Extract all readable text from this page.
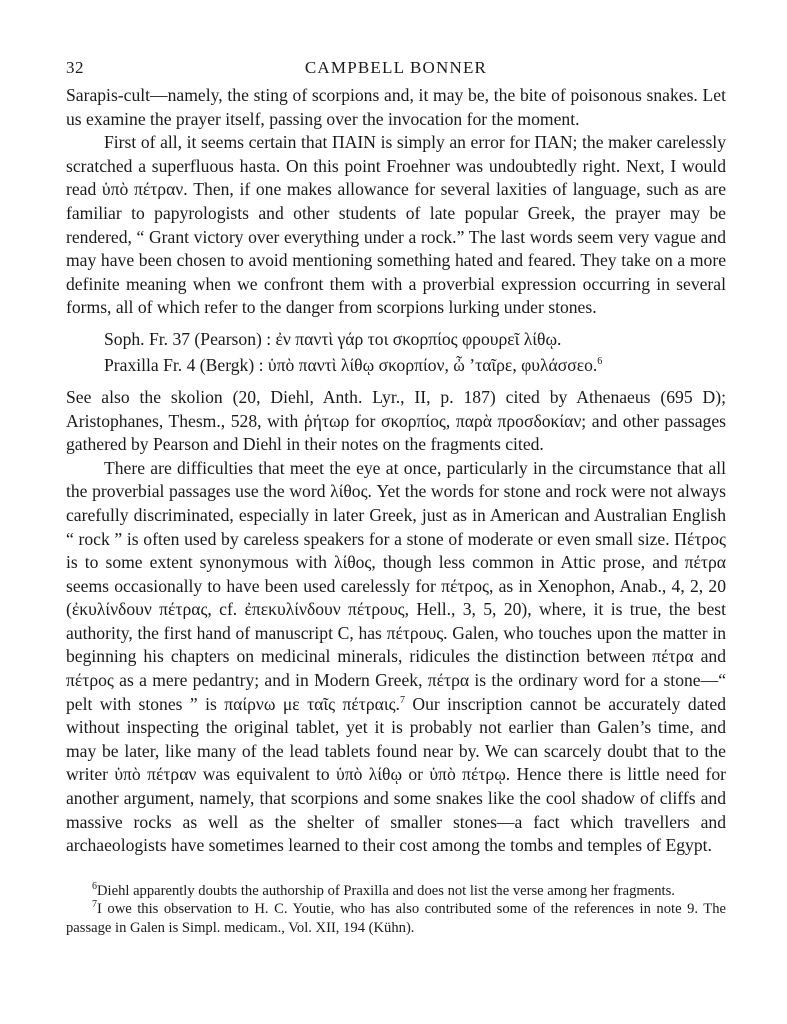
32	CAMPBELL BONNER

Sarapis-cult—namely, the sting of scorpions and, it may be, the bite of poisonous snakes. Let us examine the prayer itself, passing over the invocation for the moment.

First of all, it seems certain that ΠΑΙΝ is simply an error for ΠΑΝ; the maker carelessly scratched a superfluous hasta. On this point Froehner was undoubtedly right. Next, I would read ὑπὸ πέτραν. Then, if one makes allowance for several laxities of language, such as are familiar to papyrologists and other students of late popular Greek, the prayer may be rendered, “ Grant victory over everything under a rock.” The last words seem very vague and may have been chosen to avoid mentioning something hated and feared. They take on a more definite meaning when we confront them with a proverbial expression occurring in several forms, all of which refer to the danger from scorpions lurking under stones.

Soph. Fr. 37 (Pearson) : ἐν παντὶ γάρ τοι σκορπίος φρουρεῖ λίθῳ.
Praxilla Fr. 4 (Bergk) : ὑπὸ παντὶ λίθῳ σκορπίον, ὦ ’ταῖρε, φυλάσσεο.$^6$

See also the skolion (20, Diehl, Anth. Lyr., II, p. 187) cited by Athenaeus (695 D); Aristophanes, Thesm., 528, with ῥήτωρ for σκορπίος, παρὰ προσδοκίαν; and other passages gathered by Pearson and Diehl in their notes on the fragments cited.

There are difficulties that meet the eye at once, particularly in the circumstance that all the proverbial passages use the word λίθος. Yet the words for stone and rock were not always carefully discriminated, especially in later Greek, just as in American and Australian English “ rock ” is often used by careless speakers for a stone of moderate or even small size. Πέτρος is to some extent synonymous with λίθος, though less common in Attic prose, and πέτρα seems occasionally to have been used carelessly for πέτρος, as in Xenophon, Anab., 4, 2, 20 (ἐκυλίνδουν πέτρας, cf. ἐπεκυλίνδουν πέτρους, Hell., 3, 5, 20), where, it is true, the best authority, the first hand of manuscript C, has πέτρους. Galen, who touches upon the matter in beginning his chapters on medicinal minerals, ridicules the distinction between πέτρα and πέτρος as a mere pedantry; and in Modern Greek, πέτρα is the ordinary word for a stone—“ pelt with stones ” is παίρνω με ταῖς πέτραις.$^7$ Our inscription cannot be accurately dated without inspecting the original tablet, yet it is probably not earlier than Galen’s time, and may be later, like many of the lead tablets found near by. We can scarcely doubt that to the writer ὑπὸ πέτραν was equivalent to ὑπὸ λίθῳ or ὑπὸ πέτρῳ. Hence there is little need for another argument, namely, that scorpions and some snakes like the cool shadow of cliffs and massive rocks as well as the shelter of smaller stones—a fact which travellers and archaeologists have sometimes learned to their cost among the tombs and temples of Egypt.

$^6$Diehl apparently doubts the authorship of Praxilla and does not list the verse among her fragments.

$^7$I owe this observation to H. C. Youtie, who has also contributed some of the references in note 9. The passage in Galen is Simpl. medicam., Vol. XII, 194 (Kühn).
